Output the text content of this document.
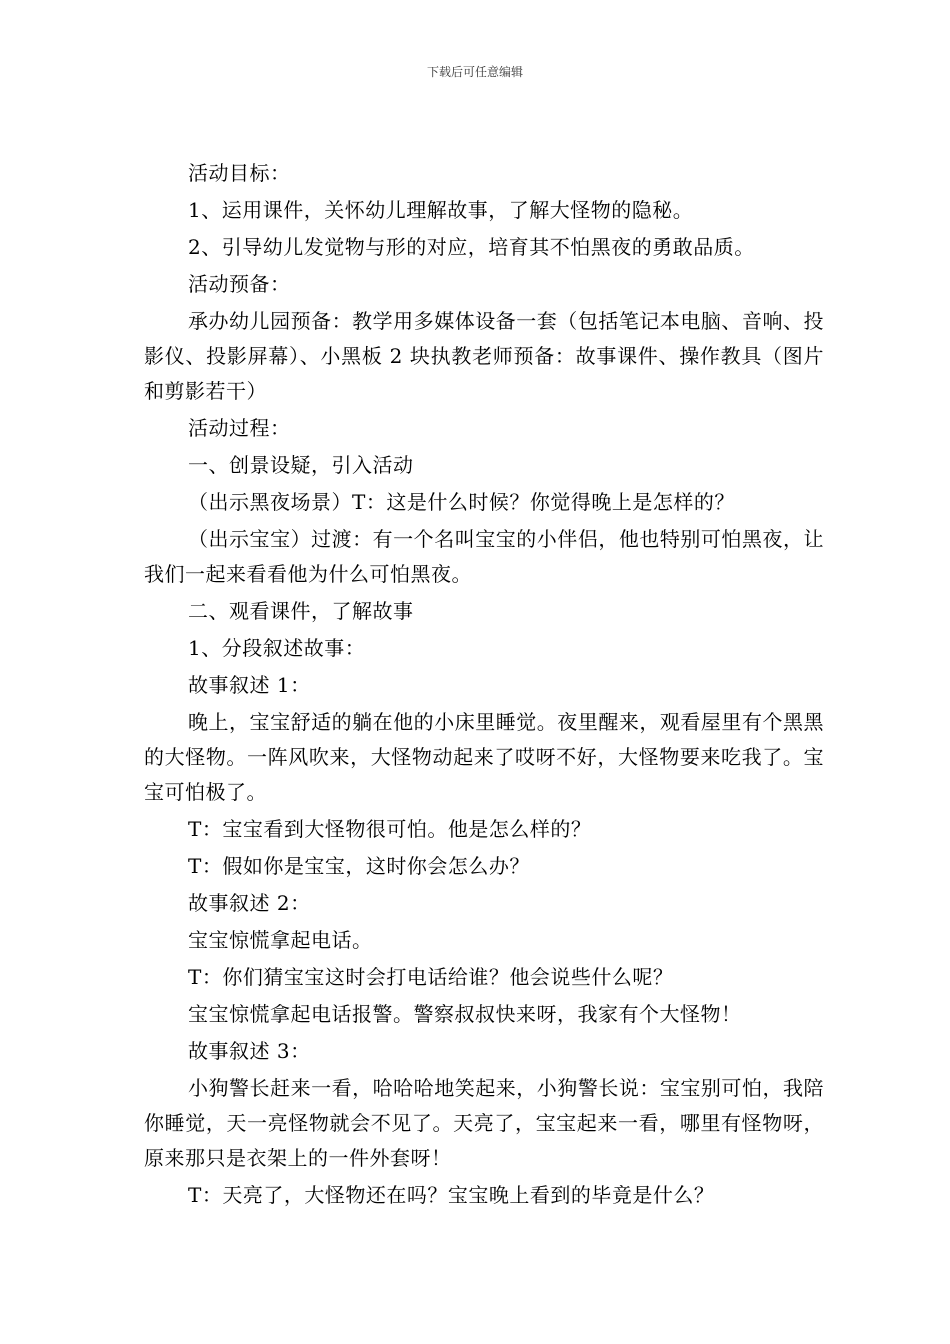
下载后可任意编辑

活动目标：

1、运用课件，关怀幼儿理解故事，了解大怪物的隐秘。

2、引导幼儿发觉物与形的对应，培育其不怕黑夜的勇敢品质。

活动预备：

承办幼儿园预备：教学用多媒体设备一套（包括笔记本电脑、音响、投影仪、投影屏幕）、小黑板 2 块执教老师预备：故事课件、操作教具（图片和剪影若干）

活动过程：

一、创景设疑，引入活动

（出示黑夜场景）T：这是什么时候？你觉得晚上是怎样的？

（出示宝宝）过渡：有一个名叫宝宝的小伴侣，他也特别可怕黑夜，让我们一起来看看他为什么可怕黑夜。

二、观看课件，了解故事

1、分段叙述故事：

故事叙述 1：

晚上，宝宝舒适的躺在他的小床里睡觉。夜里醒来，观看屋里有个黑黑的大怪物。一阵风吹来，大怪物动起来了哎呀不好，大怪物要来吃我了。宝宝可怕极了。

T：宝宝看到大怪物很可怕。他是怎么样的？

T：假如你是宝宝，这时你会怎么办？

故事叙述 2：

宝宝惊慌拿起电话。

T：你们猜宝宝这时会打电话给谁？他会说些什么呢？

宝宝惊慌拿起电话报警。警察叔叔快来呀，我家有个大怪物！

故事叙述 3：

小狗警长赶来一看，哈哈哈地笑起来，小狗警长说：宝宝别可怕，我陪你睡觉，天一亮怪物就会不见了。天亮了，宝宝起来一看，哪里有怪物呀，原来那只是衣架上的一件外套呀！

T：天亮了，大怪物还在吗？宝宝晚上看到的毕竟是什么？
